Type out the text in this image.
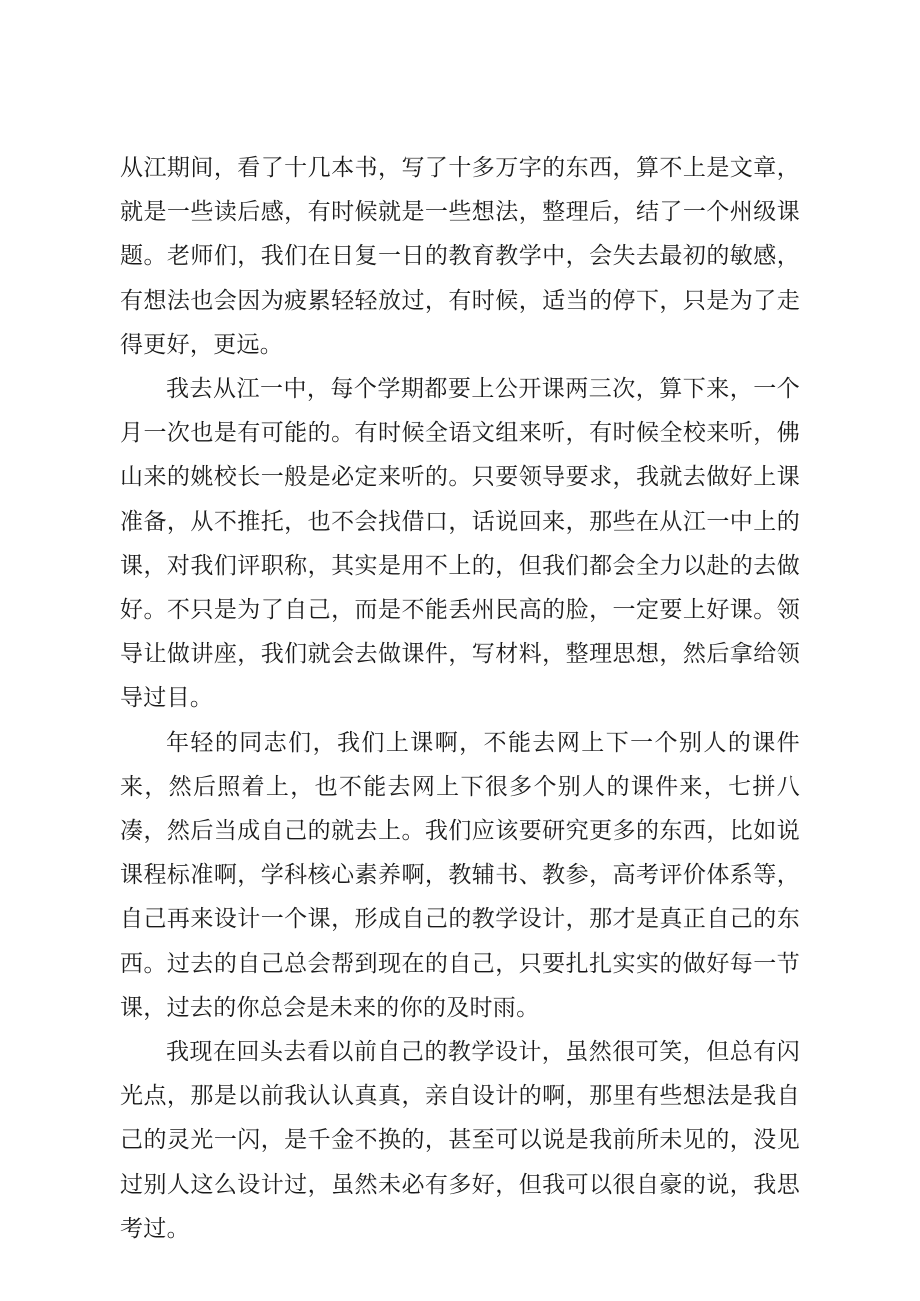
从江期间，看了十几本书，写了十多万字的东西，算不上是文章，就是一些读后感，有时候就是一些想法，整理后，结了一个州级课题。老师们，我们在日复一日的教育教学中，会失去最初的敏感，有想法也会因为疲累轻轻放过，有时候，适当的停下，只是为了走得更好，更远。

我去从江一中，每个学期都要上公开课两三次，算下来，一个月一次也是有可能的。有时候全语文组来听，有时候全校来听，佛山来的姚校长一般是必定来听的。只要领导要求，我就去做好上课准备，从不推托，也不会找借口，话说回来，那些在从江一中上的课，对我们评职称，其实是用不上的，但我们都会全力以赴的去做好。不只是为了自己，而是不能丢州民高的脸，一定要上好课。领导让做讲座，我们就会去做课件，写材料，整理思想，然后拿给领导过目。

年轻的同志们，我们上课啊，不能去网上下一个别人的课件来，然后照着上，也不能去网上下很多个别人的课件来，七拼八凑，然后当成自己的就去上。我们应该要研究更多的东西，比如说课程标准啊，学科核心素养啊，教辅书、教参，高考评价体系等，自己再来设计一个课，形成自己的教学设计，那才是真正自己的东西。过去的自己总会帮到现在的自己，只要扎扎实实的做好每一节课，过去的你总会是未来的你的及时雨。

我现在回头去看以前自己的教学设计，虽然很可笑，但总有闪光点，那是以前我认认真真，亲自设计的啊，那里有些想法是我自己的灵光一闪，是千金不换的，甚至可以说是我前所未见的，没见过别人这么设计过，虽然未必有多好，但我可以很自豪的说，我思考过。
